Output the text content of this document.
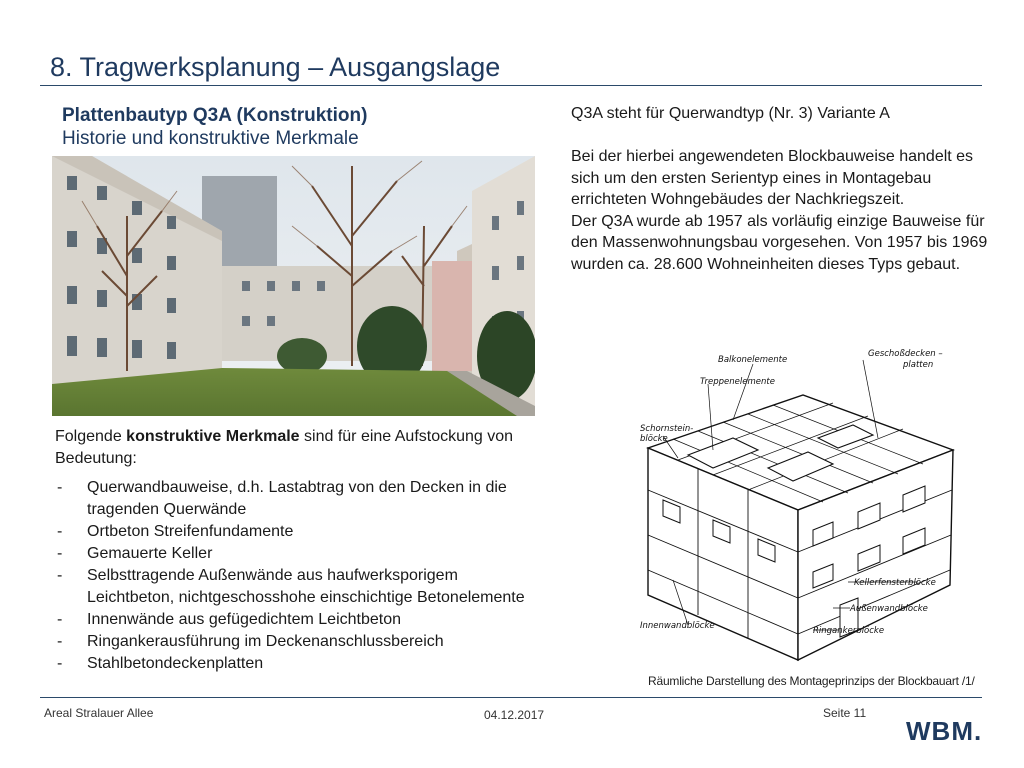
8. Tragwerksplanung – Ausgangslage
Plattenbautyp Q3A (Konstruktion)
Historie und konstruktive Merkmale

Q3A steht für Querwandtyp (Nr. 3) Variante A

Bei der hierbei angewendeten Blockbauweise handelt es sich um den ersten Serientyp eines in Montagebau errichteten Wohngebäudes der Nachkriegszeit.

Der Q3A wurde ab 1957 als vorläufig einzige Bauweise für den Massenwohnungsbau vorgesehen. Von 1957 bis 1969 wurden ca. 28.600 Wohneinheiten dieses Typs gebaut.

Folgende konstruktive Merkmale sind für eine Aufstockung von Bedeutung:
- Querwandbauweise, d.h. Lastabtrag von den Decken in die tragenden Querwände
- Ortbeton Streifenfundamente
- Gemauerte Keller
- Selbsttragende Außenwände aus haufwerksporigem Leichtbeton, nichtgeschosshohe einschichtige Betonelemente
- Innenwände aus gefügedichtem Leichtbeton
- Ringankerausführung im Deckenanschlussbereich
- Stahlbetondeckenplatten
Balkonelemente
Geschoßdecken –
platten
Treppenelemente
Schornstein-
blöcke
Kellerfensterblöcke
Außenwandblöcke
Ringankerblöcke
Innenwandblöcke
Räumliche Darstellung des Montageprinzips der Blockbauart /1/
Areal Stralauer Allee	04.12.2017	Seite 11
WBM.
